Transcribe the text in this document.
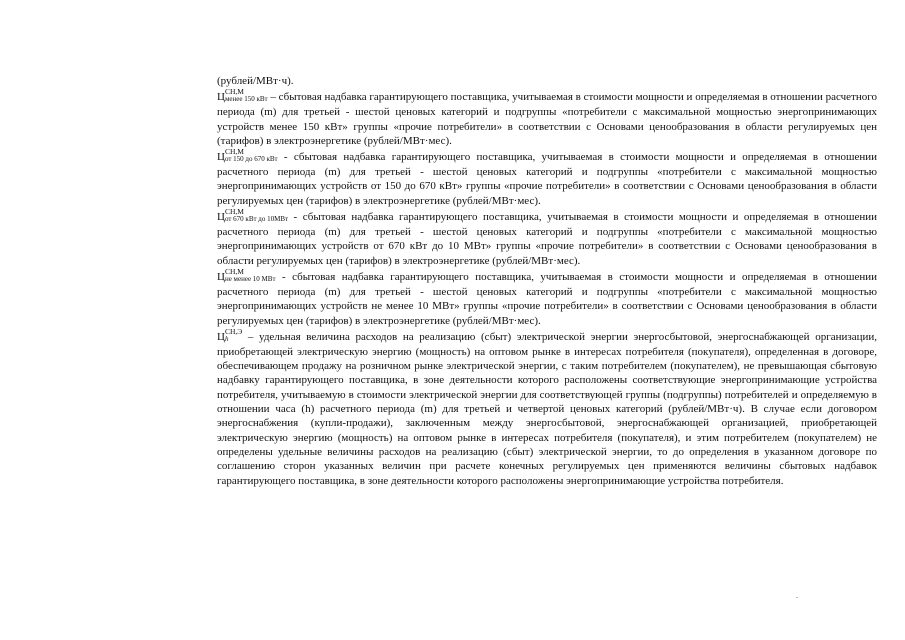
(рублей/МВт·ч).

Ц СН,М
менее 150 кВт – сбытовая надбавка гарантирующего поставщика, учитываемая в стоимости мощности и определяемая в отношении расчетного периода (m) для третьей - шестой ценовых категорий и подгруппы «потребители с максимальной мощностью энергопринимающих устройств менее 150 кВт» группы «прочие потребители» в соответствии с Основами ценообразования в области регулируемых цен (тарифов) в электроэнергетике (рублей/МВт·мес).

Ц СН,М
от 150 до 670 кВт - сбытовая надбавка гарантирующего поставщика, учитываемая в стоимости мощности и определяемая в отношении расчетного периода (m) для третьей - шестой ценовых категорий и подгруппы «потребители с максимальной мощностью энергопринимающих устройств от 150 до 670 кВт» группы «прочие потребители» в соответствии с Основами ценообразования в области регулируемых цен (тарифов) в электроэнергетике (рублей/МВт·мес).

Ц СН,М
от 670 кВт до 10МВт - сбытовая надбавка гарантирующего поставщика, учитываемая в стоимости мощности и определяемая в отношении расчетного периода (m) для третьей - шестой ценовых категорий и подгруппы «потребители с максимальной мощностью энергопринимающих устройств от 670 кВт до 10 МВт» группы «прочие потребители» в соответствии с Основами ценообразования в области регулируемых цен (тарифов) в электроэнергетике (рублей/МВт·мес).

Ц СН,М
не менее 10 МВт - сбытовая надбавка гарантирующего поставщика, учитываемая в стоимости мощности и определяемая в отношении расчетного периода (m) для третьей - шестой ценовых категорий и подгруппы «потребители с максимальной мощностью энергопринимающих устройств не менее 10 МВт» группы «прочие потребители» в соответствии с Основами ценообразования в области регулируемых цен (тарифов) в электроэнергетике (рублей/МВт·мес).

Ц СН,Э
h	– удельная величина расходов на реализацию (сбыт) электрической энергии энергосбытовой, энергоснабжающей организации, приобретающей электрическую энергию (мощность) на оптовом рынке в интересах потребителя (покупателя), определенная в договоре, обеспечивающем продажу на розничном рынке электрической энергии, с таким потребителем (покупателем), не превышающая сбытовую надбавку гарантирующего поставщика, в зоне деятельности которого расположены соответствующие энергопринимающие устройства потребителя, учитываемую в стоимости электрической энергии для соответствующей группы (подгруппы) потребителей и определяемую в отношении часа (h) расчетного периода (m) для третьей и четвертой ценовых категорий (рублей/МВт·ч). В случае если договором энергоснабжения (купли-продажи), заключенным между энергосбытовой, энергоснабжающей организацией, приобретающей электрическую энергию (мощность) на оптовом рынке в интересах потребителя (покупателя), и этим потребителем (покупателем) не определены удельные величины расходов на реализацию (сбыт) электрической энергии, то до определения в указанном договоре по соглашению сторон указанных величин при расчете конечных регулируемых цен применяются величины сбытовых надбавок гарантирующего поставщика, в зоне деятельности которого расположены энергопринимающие устройства потребителя.
